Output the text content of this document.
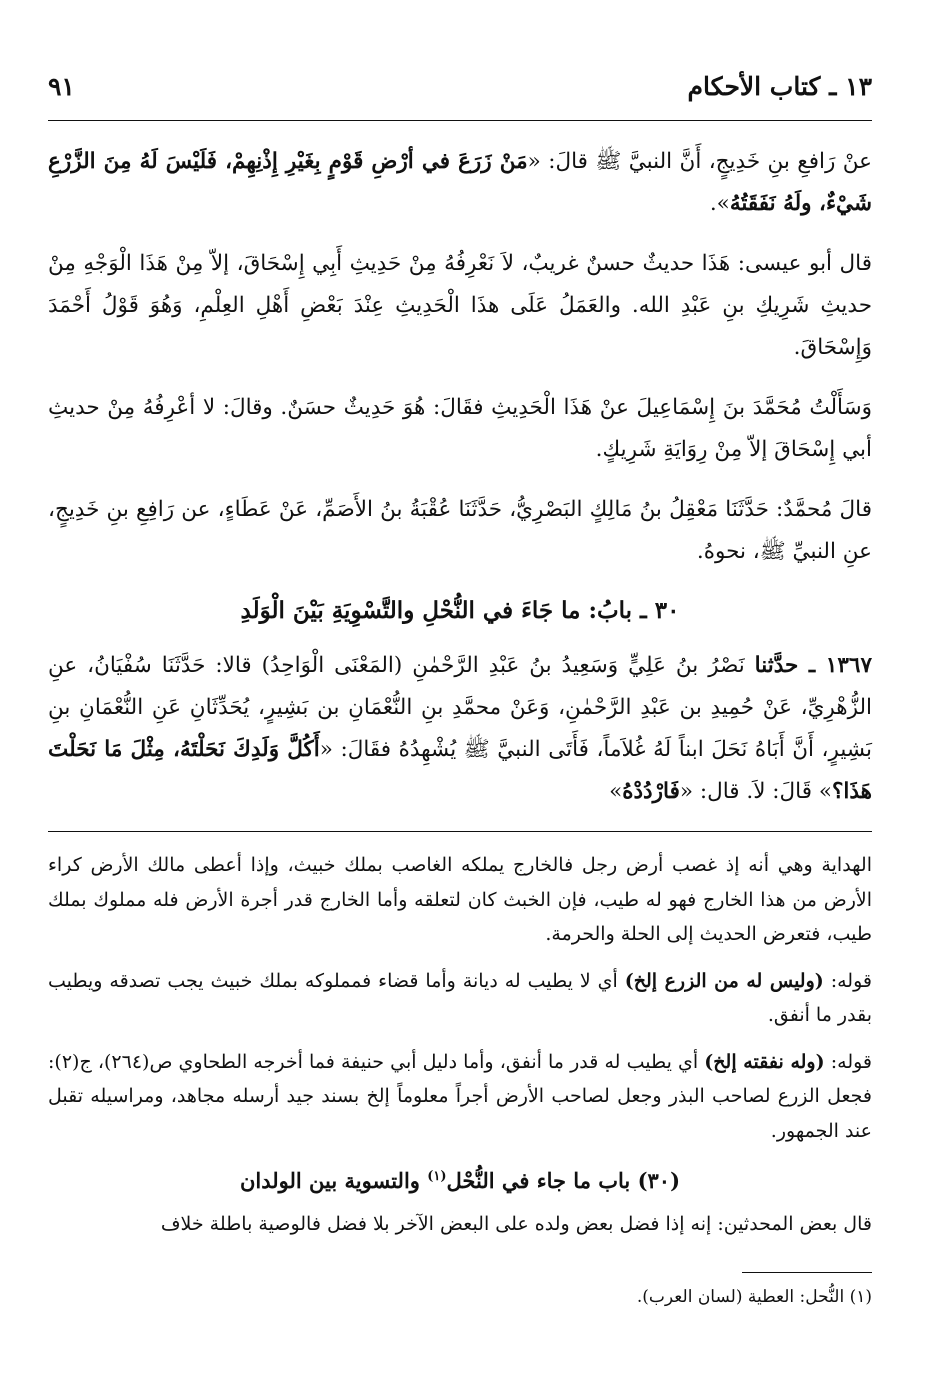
١٣ ـ كتاب الأحكام
٩١

عنْ رَافعِ بنِ خَدِيجٍ، أَنَّ النبيَّ ﷺ قالَ: «مَنْ زَرَعَ في أرْضِ قَوْمٍ بِغَيْرِ إِذْنِهِمْ، فَلَيْسَ لَهُ مِنَ الزَّرْعِ شَيْءٌ، ولَهُ نَفَقَتُهُ».

قال أبو عيسى: هَذَا حديثٌ حسنٌ غريبٌ، لاَ نَعْرِفُهُ مِنْ حَدِيثِ أَبِي إِسْحَاقَ، إلاّ مِنْ هَذَا الْوَجْهِ مِنْ حديثِ شَرِيكِ بنِ عَبْدِ الله. والعَمَلُ عَلَى هذَا الْحَدِيثِ عِنْدَ بَعْضِ أَهْلِ العِلْمِ، وَهُوَ قَوْلُ أَحْمَدَ وَإِسْحَاقَ.

وَسَأَلْتُ مُحَمَّدَ بنَ إِسْمَاعِيلَ عنْ هَذَا الْحَدِيثِ فقَالَ: هُوَ حَدِيثٌ حسَنٌ. وقالَ: لا أعْرِفُهُ مِنْ حديثِ أبي إِسْحَاقَ إلاّ مِنْ رِوَايَةِ شَرِيكٍ.

قالَ مُحمَّدٌ: حَدَّثَنَا مَعْقِلُ بنُ مَالِكٍ البَصْرِيُّ، حَدَّثَنَا عُقْبَةُ بنُ الأَصَمِّ، عَنْ عَطَاءٍ، عن رَافِعِ بنِ خَدِيجٍ، عنِ النبيِّ ﷺ، نحوهُ.

٣٠ ـ بابُ: ما جَاءَ في النُّحْلِ والتَّسْوِيَةِ بَيْنَ الْوَلَدِ

١٣٦٧ ـ حدَّثنا نَصْرُ بنُ عَلِيٍّ وَسَعِيدُ بنُ عَبْدِ الرَّحْمٰنِ (المَعْنَى الْوَاحِدُ) قالا: حَدَّثَنَا سُفْيَانُ، عنِ الزُّهْرِيِّ، عَنْ حُمِيدِ بن عَبْدِ الرَّحْمٰنِ، وَعَنْ محمَّدِ بنِ النُّعْمَانِ بن بَشِيرٍ، يُحَدِّثَانِ عَنِ النُّعْمَانِ بنِ بَشِيرٍ، أَنَّ أَبَاهُ نَحَلَ ابناً لَهُ غُلاَماً، فَأَتَى النبيَّ ﷺ يُشْهِدُهُ فقَالَ: «أَكُلَّ وَلَدِكَ نَحَلْتَهُ، مِثْلَ مَا نَحَلْتَ هَذَا؟» قَالَ: لاَ. قال: «فَارْدُدْهُ»

الهداية وهي أنه إذ غصب أرض رجل فالخارج يملكه الغاصب بملك خبيث، وإذا أعطى مالك الأرض كراء الأرض من هذا الخارج فهو له طيب، فإن الخبث كان لتعلقه وأما الخارج قدر أجرة الأرض فله مملوك بملك طيب، فتعرض الحديث إلى الحلة والحرمة.

قوله: (وليس له من الزرع إلخ) أي لا يطيب له ديانة وأما قضاء فمملوكه بملك خبيث يجب تصدقه ويطيب بقدر ما أنفق.

قوله: (وله نفقته إلخ) أي يطيب له قدر ما أنفق، وأما دليل أبي حنيفة فما أخرجه الطحاوي ص(٢٦٤)، ج(٢): فجعل الزرع لصاحب البذر وجعل لصاحب الأرض أجراً معلوماً إلخ بسند جيد أرسله مجاهد، ومراسيله تقبل عند الجمهور.

(٣٠) باب ما جاء في النُّحْل$^{(١)}$ والتسوية بين الولدان

قال بعض المحدثين: إنه إذا فضل بعض ولده على البعض الآخر بلا فضل فالوصية باطلة خلاف

(١) النُّحل: العطية (لسان العرب).
